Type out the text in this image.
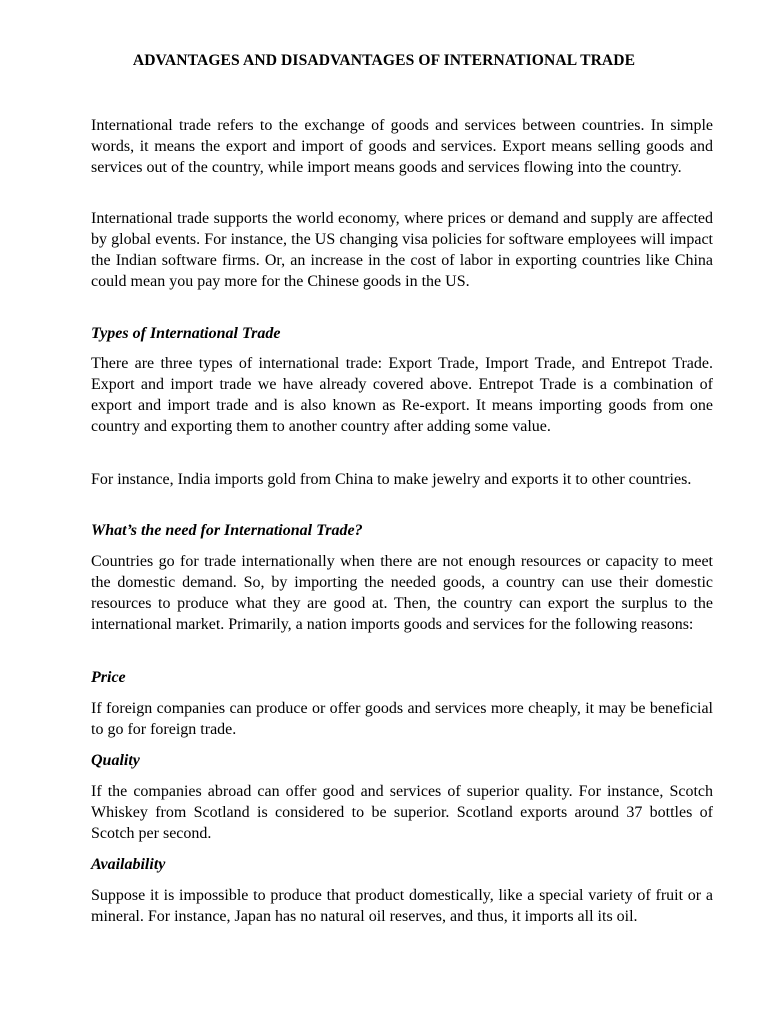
ADVANTAGES AND DISADVANTAGES OF INTERNATIONAL TRADE

International trade refers to the exchange of goods and services between countries. In simple words, it means the export and import of goods and services. Export means selling goods and services out of the country, while import means goods and services flowing into the country.

International trade supports the world economy, where prices or demand and supply are affected by global events. For instance, the US changing visa policies for software employees will impact the Indian software firms. Or, an increase in the cost of labor in exporting countries like China could mean you pay more for the Chinese goods in the US.

Types of International Trade

There are three types of international trade: Export Trade, Import Trade, and Entrepot Trade. Export and import trade we have already covered above. Entrepot Trade is a combination of export and import trade and is also known as Re-export. It means importing goods from one country and exporting them to another country after adding some value.

For instance, India imports gold from China to make jewelry and exports it to other countries.

What’s the need for International Trade?

Countries go for trade internationally when there are not enough resources or capacity to meet the domestic demand. So, by importing the needed goods, a country can use their domestic resources to produce what they are good at. Then, the country can export the surplus to the international market. Primarily, a nation imports goods and services for the following reasons:

Price

If foreign companies can produce or offer goods and services more cheaply, it may be beneficial to go for foreign trade.

Quality

If the companies abroad can offer good and services of superior quality. For instance, Scotch Whiskey from Scotland is considered to be superior. Scotland exports around 37 bottles of Scotch per second.

Availability

Suppose it is impossible to produce that product domestically, like a special variety of fruit or a mineral. For instance, Japan has no natural oil reserves, and thus, it imports all its oil.
